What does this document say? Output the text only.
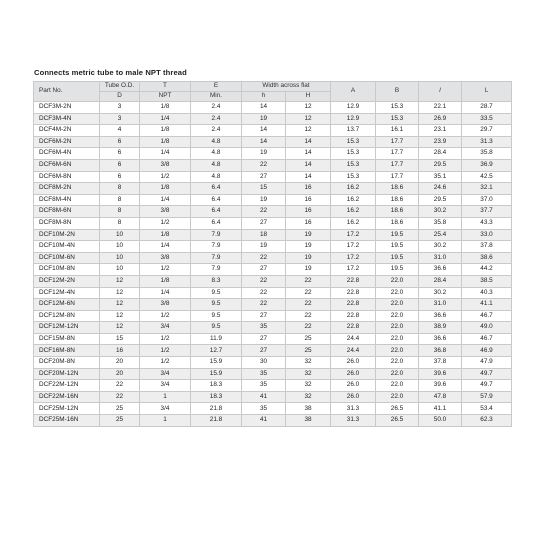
Connects metric tube to male NPT thread
Part No.	Tube O.D.	T	E	Width across flat		A	B	l	L
	D	NPT	Min.	h	H				
DCF3M-2N	3	1/8	2.4	14	12	12.9	15.3	22.1	28.7
DCF3M-4N	3	1/4	2.4	19	12	12.9	15.3	26.9	33.5
DCF4M-2N	4	1/8	2.4	14	12	13.7	16.1	23.1	29.7
DCF6M-2N	6	1/8	4.8	14	14	15.3	17.7	23.9	31.3
DCF6M-4N	6	1/4	4.8	19	14	15.3	17.7	28.4	35.8
DCF6M-6N	6	3/8	4.8	22	14	15.3	17.7	29.5	36.9
DCF6M-8N	6	1/2	4.8	27	14	15.3	17.7	35.1	42.5
DCF8M-2N	8	1/8	6.4	15	16	16.2	18.6	24.6	32.1
DCF8M-4N	8	1/4	6.4	19	16	16.2	18.6	29.5	37.0
DCF8M-6N	8	3/8	6.4	22	16	16.2	18.6	30.2	37.7
DCF8M-8N	8	1/2	6.4	27	16	16.2	18.6	35.8	43.3
DCF10M-2N	10	1/8	7.9	18	19	17.2	19.5	25.4	33.0
DCF10M-4N	10	1/4	7.9	19	19	17.2	19.5	30.2	37.8
DCF10M-6N	10	3/8	7.9	22	19	17.2	19.5	31.0	38.6
DCF10M-8N	10	1/2	7.9	27	19	17.2	19.5	36.6	44.2
DCF12M-2N	12	1/8	8.3	22	22	22.8	22.0	28.4	38.5
DCF12M-4N	12	1/4	9.5	22	22	22.8	22.0	30.2	40.3
DCF12M-6N	12	3/8	9.5	22	22	22.8	22.0	31.0	41.1
DCF12M-8N	12	1/2	9.5	27	22	22.8	22.0	36.6	46.7
DCF12M-12N	12	3/4	9.5	35	22	22.8	22.0	38.9	49.0
DCF15M-8N	15	1/2	11.9	27	25	24.4	22.0	36.6	46.7
DCF16M-8N	16	1/2	12.7	27	25	24.4	22.0	36.8	46.9
DCF20M-8N	20	1/2	15.9	30	32	26.0	22.0	37.8	47.9
DCF20M-12N	20	3/4	15.9	35	32	26.0	22.0	39.6	49.7
DCF22M-12N	22	3/4	18.3	35	32	26.0	22.0	39.6	49.7
DCF22M-16N	22	1	18.3	41	32	26.0	22.0	47.8	57.9
DCF25M-12N	25	3/4	21.8	35	38	31.3	26.5	41.1	53.4
DCF25M-16N	25	1	21.8	41	38	31.3	26.5	50.0	62.3
